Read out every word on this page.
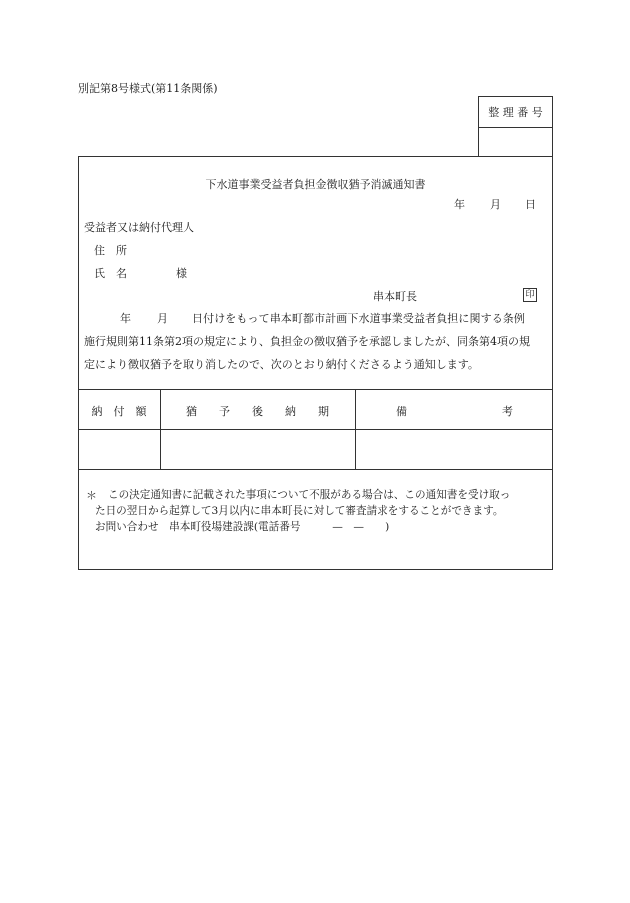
別記第8号様式(第11条関係)
整 理 番 号
下水道事業受益者負担金徴収猶予消滅通知書
年 月 日
受益者又は納付代理人
住　所
氏　名	様
串本町長	印
年 月 日付けをもって串本町都市計画下水道事業受益者負担に関する条例
施行規則第11条第2項の規定により、負担金の徴収猶予を承認しましたが、同条第4項の規
定により徴収猶予を取り消したので、次のとおり納付くださるよう通知します。
納　付　額	猶　　予　　後　　納　　期	備	考
＊ この決定通知書に記載された事項について不服がある場合は、この通知書を受け取っ
た日の翌日から起算して3月以内に串本町長に対して審査請求をすることができます。
お問い合わせ　串本町役場建設課(電話番号　　　—　—　　)
